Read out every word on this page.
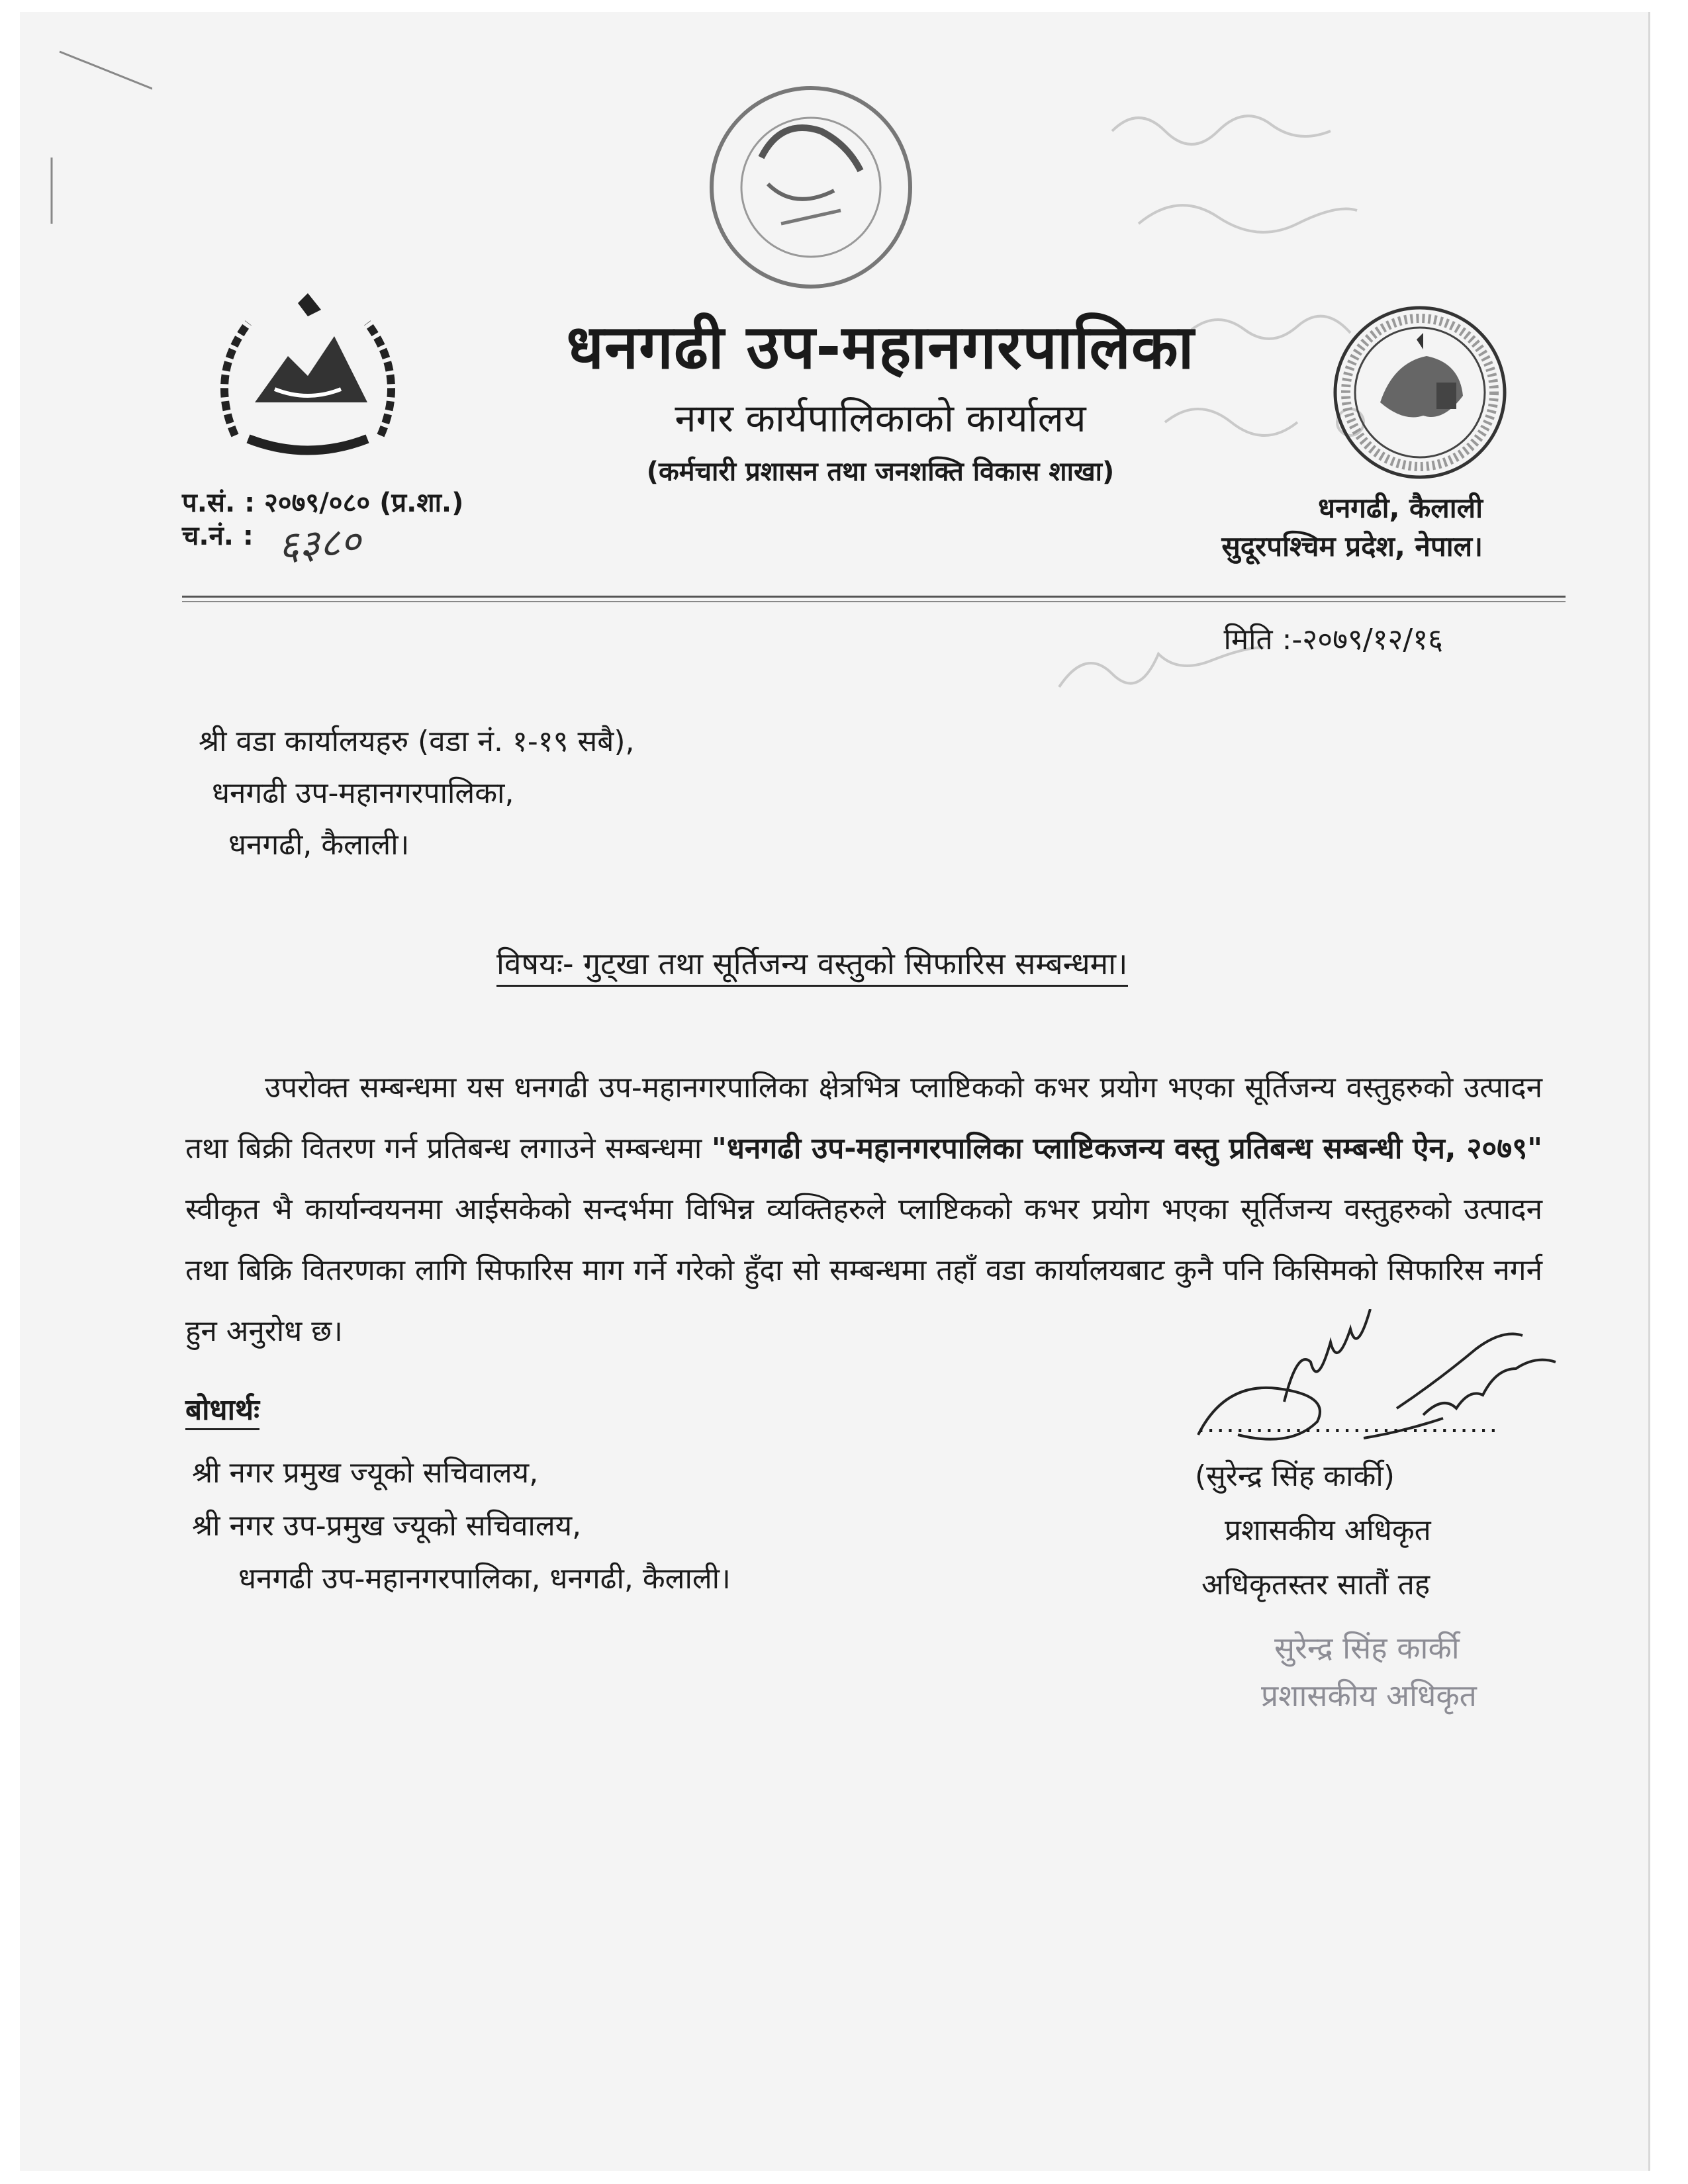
धनगढी उप-महानगरपालिका
नगर कार्यपालिकाको कार्यालय
(कर्मचारी प्रशासन तथा जनशक्ति विकास शाखा)
प.सं. : २०७९/०८० (प्र.शा.)
च.नं. : ६३८०
धनगढी, कैलाली
सुदूरपश्चिम प्रदेश, नेपाल।
मिति :-२०७९/१२/१६
श्री वडा कार्यालयहरु (वडा नं. १-१९ सबै),
धनगढी उप-महानगरपालिका,
धनगढी, कैलाली।
विषयः- गुट्खा तथा सूर्तिजन्य वस्तुको सिफारिस सम्बन्धमा।
उपरोक्त सम्बन्धमा यस धनगढी उप-महानगरपालिका क्षेत्रभित्र प्लाष्टिकको कभर प्रयोग भएका सूर्तिजन्य वस्तुहरुको उत्पादन तथा बिक्री वितरण गर्न प्रतिबन्ध लगाउने सम्बन्धमा "धनगढी उप-महानगरपालिका प्लाष्टिकजन्य वस्तु प्रतिबन्ध सम्बन्धी ऐन, २०७९" स्वीकृत भै कार्यान्वयनमा आईसकेको सन्दर्भमा विभिन्न व्यक्तिहरुले प्लाष्टिकको कभर प्रयोग भएका सूर्तिजन्य वस्तुहरुको उत्पादन तथा बिक्रि वितरणका लागि सिफारिस माग गर्ने गरेको हुँदा सो सम्बन्धमा तहाँ वडा कार्यालयबाट कुनै पनि किसिमको सिफारिस नगर्न हुन अनुरोध छ।
बोधार्थः
श्री नगर प्रमुख ज्यूको सचिवालय,
श्री नगर उप-प्रमुख ज्यूको सचिवालय,
धनगढी उप-महानगरपालिका, धनगढी, कैलाली।
...............................
(सुरेन्द्र सिंह कार्की)
प्रशासकीय अधिकृत
अधिकृतस्तर सातौं तह
सुरेन्द्र सिंह कार्की
प्रशासकीय अधिकृत
